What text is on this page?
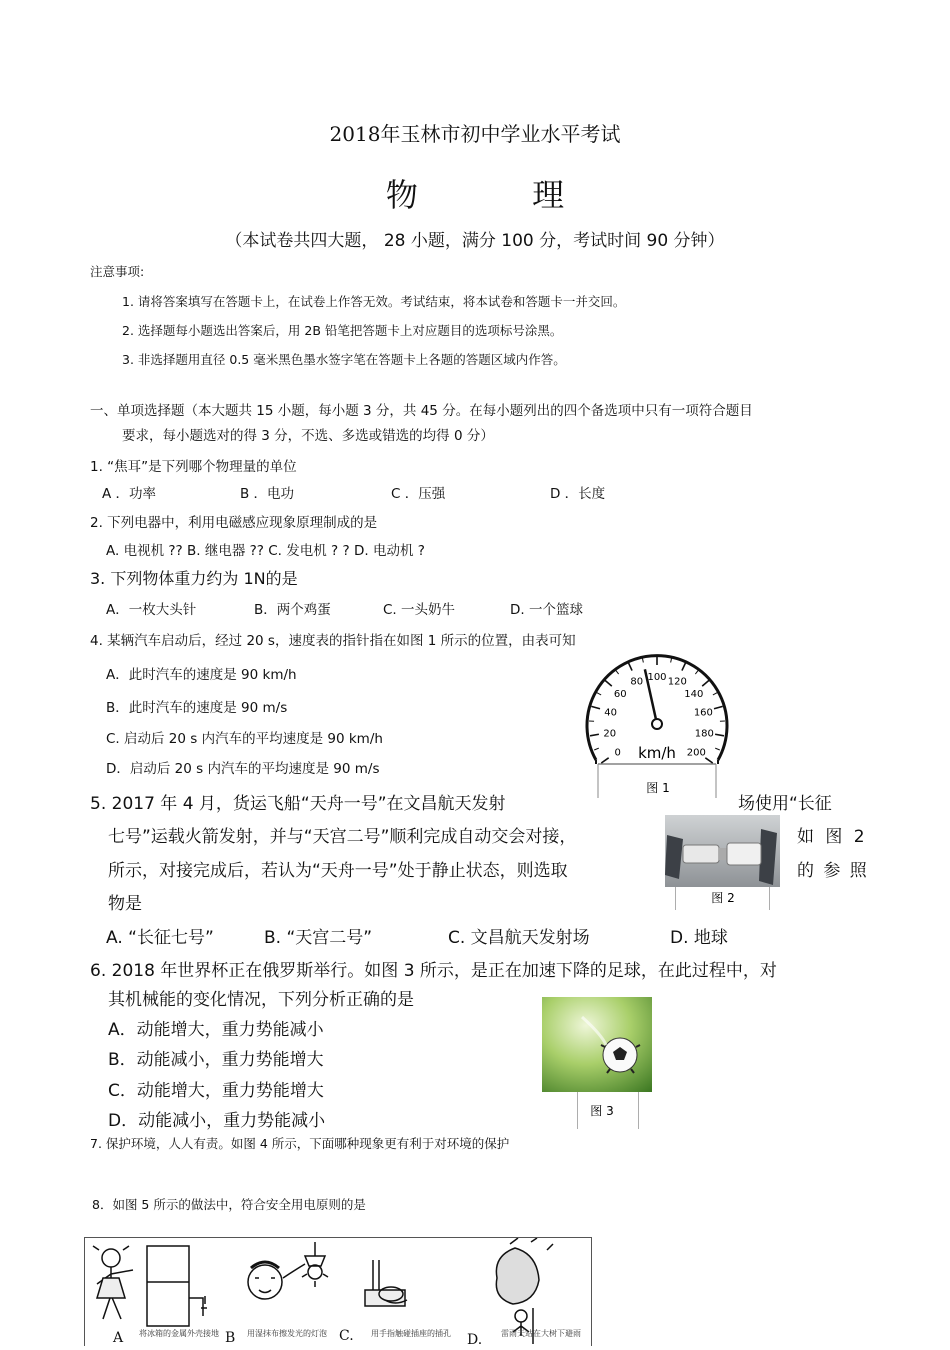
2018年玉林市初中学业水平考试
物 理
（本试卷共四大题， 28 小题，满分 100 分，考试时间 90 分钟）
注意事项:
1. 请将答案填写在答题卡上，在试卷上作答无效。考试结束，将本试卷和答题卡一并交回。
2. 选择题每小题选出答案后，用 2B 铅笔把答题卡上对应题目的选项标号涂黑。
3. 非选择题用直径 0.5 毫米黑色墨水签字笔在答题卡上各题的答题区域内作答。
一、单项选择题（本大题共 15 小题，每小题 3 分，共 45 分。在每小题列出的四个备选项中只有一项符合题目
要求，每小题选对的得 3 分，不选、多选或错选的均得 0 分）
1. “焦耳”是下列哪个物理量的单位
A ．功率	B ．电功	C ．压强	D ．长度
2. 下列电器中，利用电磁感应现象原理制成的是
A. 电视机 ?? B. 继电器 ?? C. 发电机 ? ? D. 电动机 ?
3. 下列物体重力约为 1N的是
A．一枚大头针	B．两个鸡蛋	C. 一头奶牛	D. 一个篮球
4. 某辆汽车启动后，经过 20 s，速度表的指针指在如图 1 所示的位置，由表可知
A．此时汽车的速度是 90 km/h
B．此时汽车的速度是 90 m/s
C. 启动后 20 s 内汽车的平均速度是 90 km/h
D．启动后 20 s 内汽车的平均速度是 90 m/s
0
20
40
60
80 100 120
140
160
180
200
km/h
图 1
5. 2017 年 4 月，货运飞船“天舟一号”在文昌航天发射	场使用“长征
七号”运载火箭发射，并与“天宫二号”顺利完成自动交会对接，	如 图 2
所示，对接完成后，若认为“天舟一号”处于静止状态，则选取	的 参 照
物是
A. “长征七号”	B. “天宫二号”	C. 文昌航天发射场	D. 地球
图 2
6. 2018 年世界杯正在俄罗斯举行。如图 3 所示，是正在加速下降的足球，在此过程中，对
其机械能的变化情况，下列分析正确的是
A．动能增大，重力势能减小
B．动能减小，重力势能增大
C．动能增大，重力势能增大
D．动能减小，重力势能减小	图 3
7. 保护环境，人人有责。如图 4 所示，下面哪种现象更有利于对环境的保护
8．如图 5 所示的做法中，符合安全用电原则的是
A	B	C.	D.
将冰箱的金属外壳接地	用湿抹布擦发光的灯泡	用手指触碰插座的插孔	雷雨天站在大树下避雨
